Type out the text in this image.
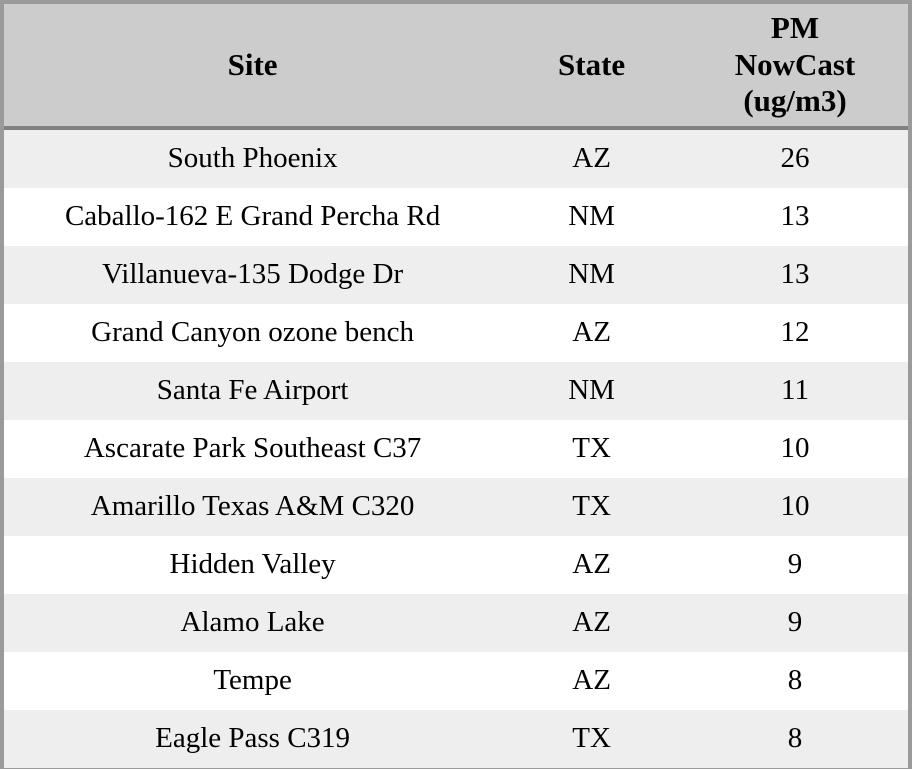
Site	State	PM
NowCast
(ug/m3)

South Phoenix	AZ	26
Caballo-162 E Grand Percha Rd	NM	13
Villanueva-135 Dodge Dr	NM	13
Grand Canyon ozone bench	AZ	12
Santa Fe Airport	NM	11
Ascarate Park Southeast C37	TX	10
Amarillo Texas A&M C320	TX	10
Hidden Valley	AZ	9
Alamo Lake	AZ	9
Tempe	AZ	8
Eagle Pass C319	TX	8
